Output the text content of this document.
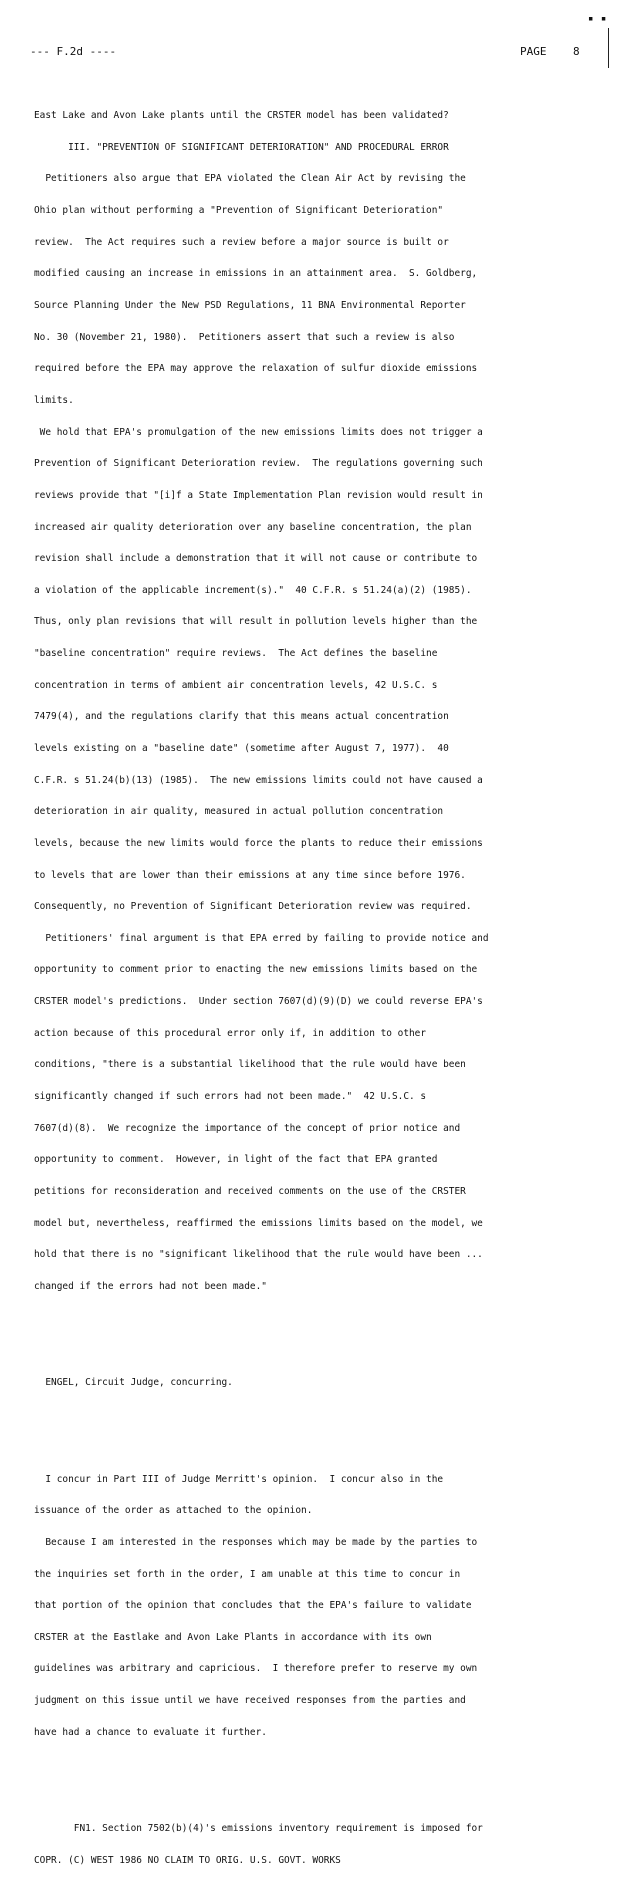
▪ ▪
--- F.2d ----	PAGE    8

East Lake and Avon Lake plants until the CRSTER model has been validated?

III. "PREVENTION OF SIGNIFICANT DETERIORATION" AND PROCEDURAL ERROR

Petitioners also argue that EPA violated the Clean Air Act by revising the

Ohio plan without performing a "Prevention of Significant Deterioration"

review.  The Act requires such a review before a major source is built or

modified causing an increase in emissions in an attainment area.  S. Goldberg,

Source Planning Under the New PSD Regulations, 11 BNA Environmental Reporter

No. 30 (November 21, 1980).  Petitioners assert that such a review is also

required before the EPA may approve the relaxation of sulfur dioxide emissions

limits.

We hold that EPA's promulgation of the new emissions limits does not trigger a

Prevention of Significant Deterioration review.  The regulations governing such

reviews provide that "[i]f a State Implementation Plan revision would result in

increased air quality deterioration over any baseline concentration, the plan

revision shall include a demonstration that it will not cause or contribute to

a violation of the applicable increment(s)."  40 C.F.R. s 51.24(a)(2) (1985).

Thus, only plan revisions that will result in pollution levels higher than the

"baseline concentration" require reviews.  The Act defines the baseline

concentration in terms of ambient air concentration levels, 42 U.S.C. s

7479(4), and the regulations clarify that this means actual concentration

levels existing on a "baseline date" (sometime after August 7, 1977).  40

C.F.R. s 51.24(b)(13) (1985).  The new emissions limits could not have caused a

deterioration in air quality, measured in actual pollution concentration

levels, because the new limits would force the plants to reduce their emissions

to levels that are lower than their emissions at any time since before 1976.

Consequently, no Prevention of Significant Deterioration review was required.

Petitioners' final argument is that EPA erred by failing to provide notice and

opportunity to comment prior to enacting the new emissions limits based on the

CRSTER model's predictions.  Under section 7607(d)(9)(D) we could reverse EPA's

action because of this procedural error only if, in addition to other

conditions, "there is a substantial likelihood that the rule would have been

significantly changed if such errors had not been made."  42 U.S.C. s

7607(d)(8).  We recognize the importance of the concept of prior notice and

opportunity to comment.  However, in light of the fact that EPA granted

petitions for reconsideration and received comments on the use of the CRSTER

model but, nevertheless, reaffirmed the emissions limits based on the model, we

hold that there is no "significant likelihood that the rule would have been ...

changed if the errors had not been made."

ENGEL, Circuit Judge, concurring.

I concur in Part III of Judge Merritt's opinion.  I concur also in the

issuance of the order as attached to the opinion.

Because I am interested in the responses which may be made by the parties to

the inquiries set forth in the order, I am unable at this time to concur in

that portion of the opinion that concludes that the EPA's failure to validate

CRSTER at the Eastlake and Avon Lake Plants in accordance with its own

guidelines was arbitrary and capricious.  I therefore prefer to reserve my own

judgment on this issue until we have received responses from the parties and

have had a chance to evaluate it further.

FN1. Section 7502(b)(4)'s emissions inventory requirement is imposed for

COPR. (C) WEST 1986 NO CLAIM TO ORIG. U.S. GOVT. WORKS
